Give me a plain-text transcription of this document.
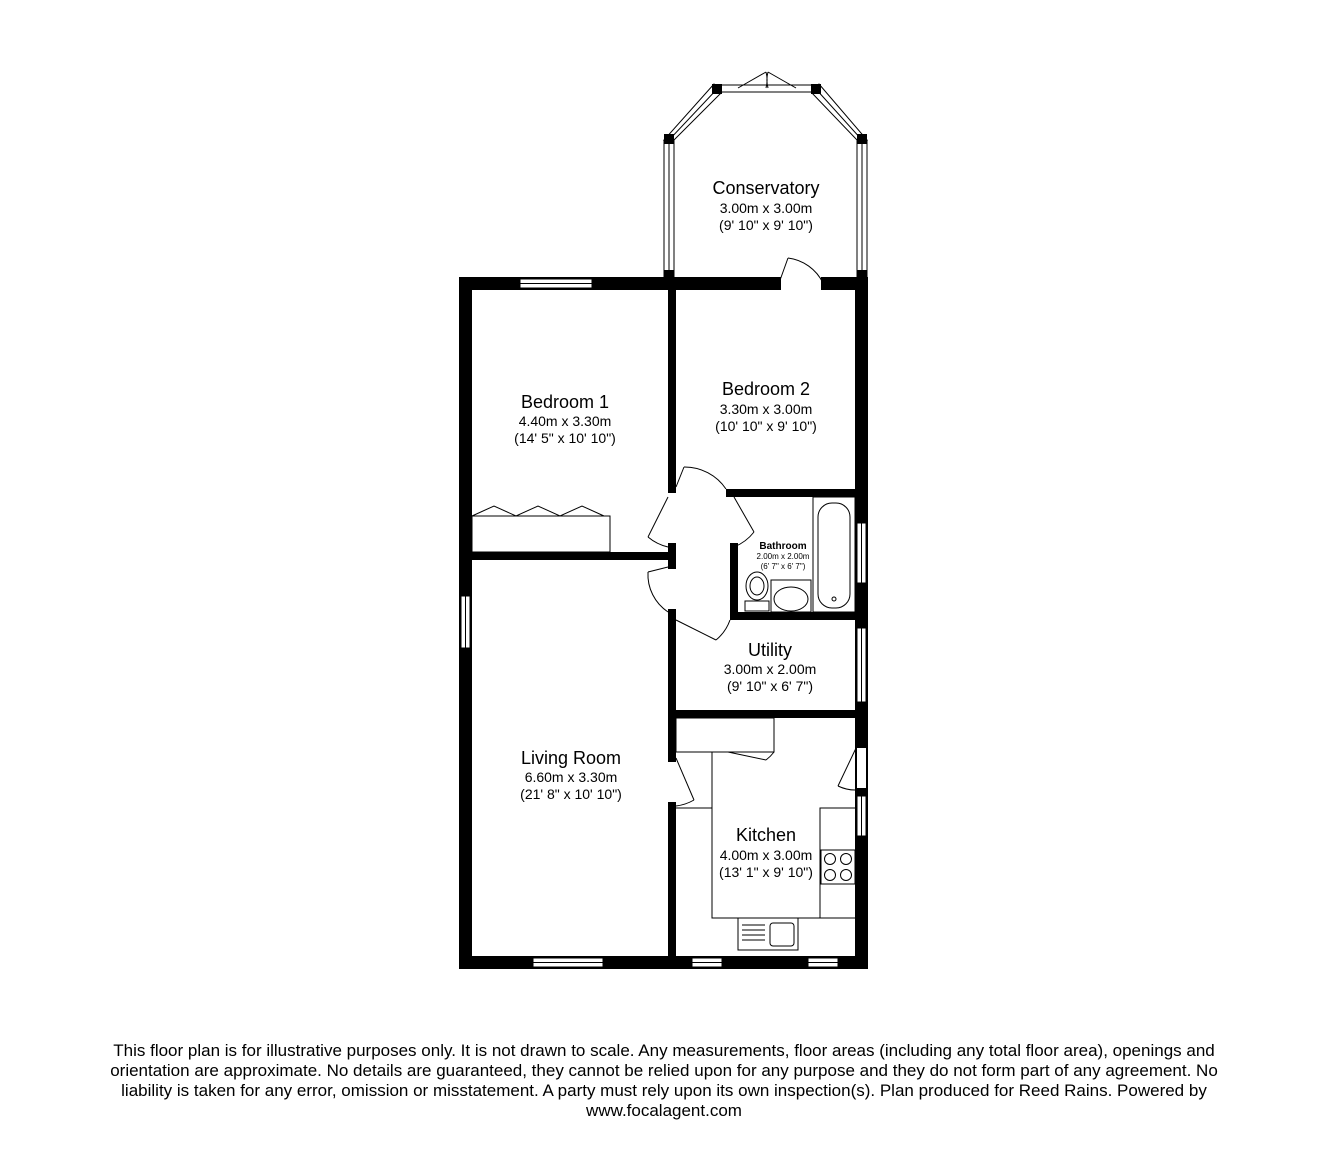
Conservatory
3.00m x 3.00m
(9' 10" x 9' 10")
Bedroom 1
4.40m x 3.30m
(14' 5" x 10' 10")
Bedroom 2
3.30m x 3.00m
(10' 10" x 9' 10")
Bathroom
2.00m x 2.00m
(6' 7" x 6' 7")
Utility
3.00m x 2.00m
(9' 10" x 6' 7")
Living Room
6.60m x 3.30m
(21' 8" x 10' 10")
Kitchen
4.00m x 3.00m
(13' 1" x 9' 10")
This floor plan is for illustrative purposes only. It is not drawn to scale. Any measurements, floor areas (including any total floor area), openings and
orientation are approximate. No details are guaranteed, they cannot be relied upon for any purpose and they do not form part of any agreement. No
liability is taken for any error, omission or misstatement. A party must rely upon its own inspection(s). Plan produced for Reed Rains. Powered by
www.focalagent.com
